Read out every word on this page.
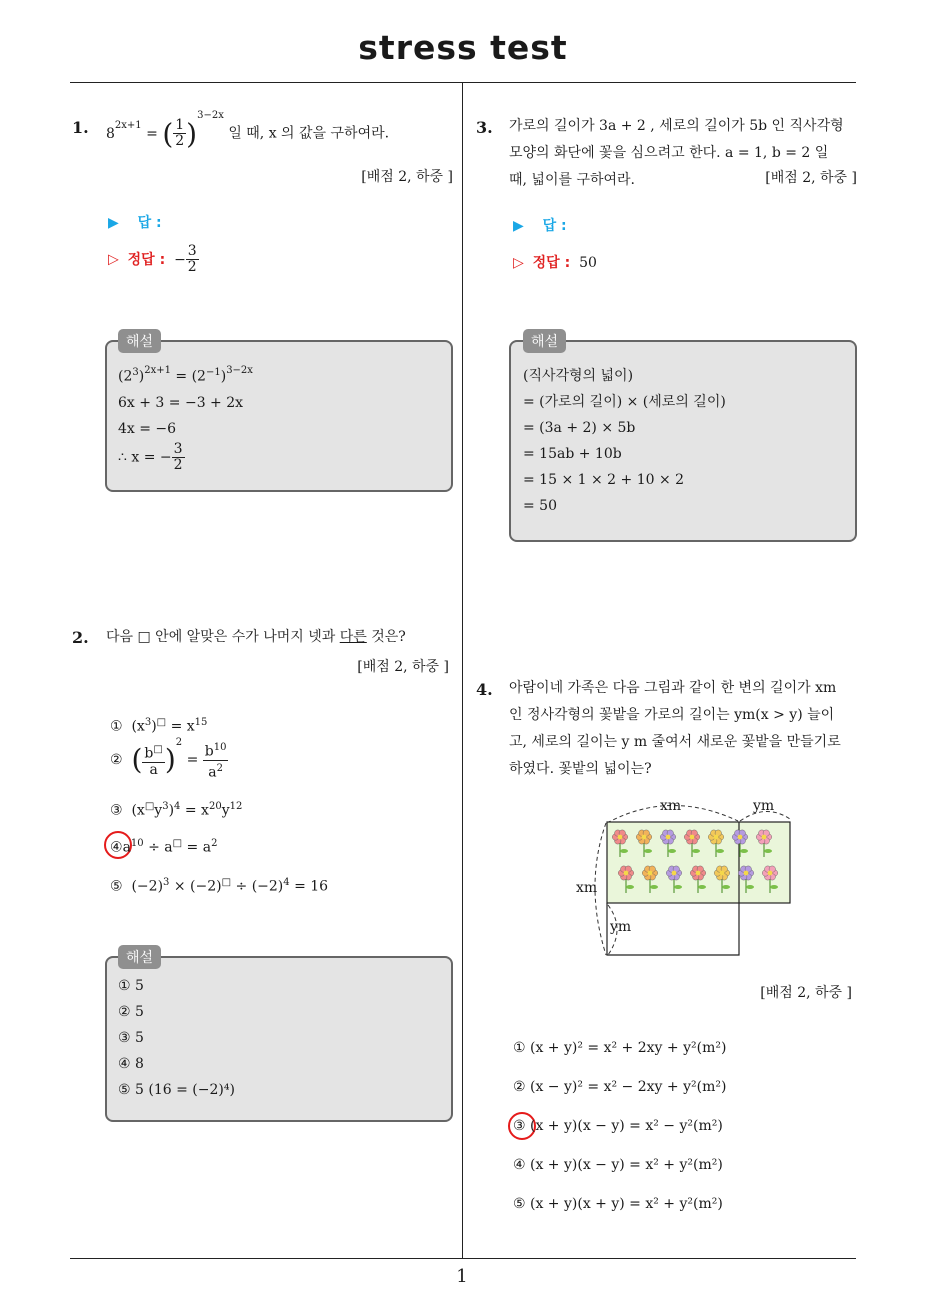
stress test
1
1. $8^{2x+1}$ = ( $\frac{1}{2} )^{3-2x}$ 일 때, x 의 값을 구하여라.
[배점 2, 하중 ]
▶ 답 :
▷ 정답 : − $\frac{3}{2}$
해설
$(2^3)^{2x+1} = (2^{-1})^{3-2x}$
6x + 3 = −3 + 2x
4x = −6
∴ x = − $\frac{3}{2}$
2. 다음 □ 안에 알맞은 수가 나머지 넷과 다른 것은?
[배점 2, 하중 ]
①  $(x^3)^□ = x^{15}$
② ( $\frac{b^□}{a} )^2 = \frac{b^{10}}{a^2}$
③  $(x^□y^3)^4 = x^{20}y^{12}$
$④a^{10} \div a^□ = a^2$
⑤  $(-2)^3 \times (-2)^□ \div (-2)^4 = 16$
해설
① 5
② 5
③ 5
④ 8
⑤ 5 (16 = (−2)⁴)
3. 가로의 길이가 3a + 2 , 세로의 길이가 5b 인 직사각형
모양의 화단에 꽃을 심으려고 한다. a = 1, b = 2 일
때, 넓이를 구하여라.	[배점 2, 하중 ]
▶ 답 :
▷ 정답 : 50
해설
(직사각형의 넓이)
= (가로의 길이) × (세로의 길이)
= (3a + 2) × 5b
= 15ab + 10b
= 15 × 1 × 2 + 10 × 2
= 50
4. 아람이네 가족은 다음 그림과 같이 한 변의 길이가 xm
인 정사각형의 꽃밭을 가로의 길이는 ym(x > y) 늘이
고, 세로의 길이는 y m 줄여서 새로운 꽃밭을 만들기로
하였다. 꽃밭의 넓이는?
xm	ym
xm
ym
[배점 2, 하중 ]
① (x + y)² = x² + 2xy + y²(m²)
② (x − y)² = x² − 2xy + y²(m²)
③ (x + y)(x − y) = x² − y²(m²)
④ (x + y)(x − y) = x² + y²(m²)
⑤ (x + y)(x + y) = x² + y²(m²)
